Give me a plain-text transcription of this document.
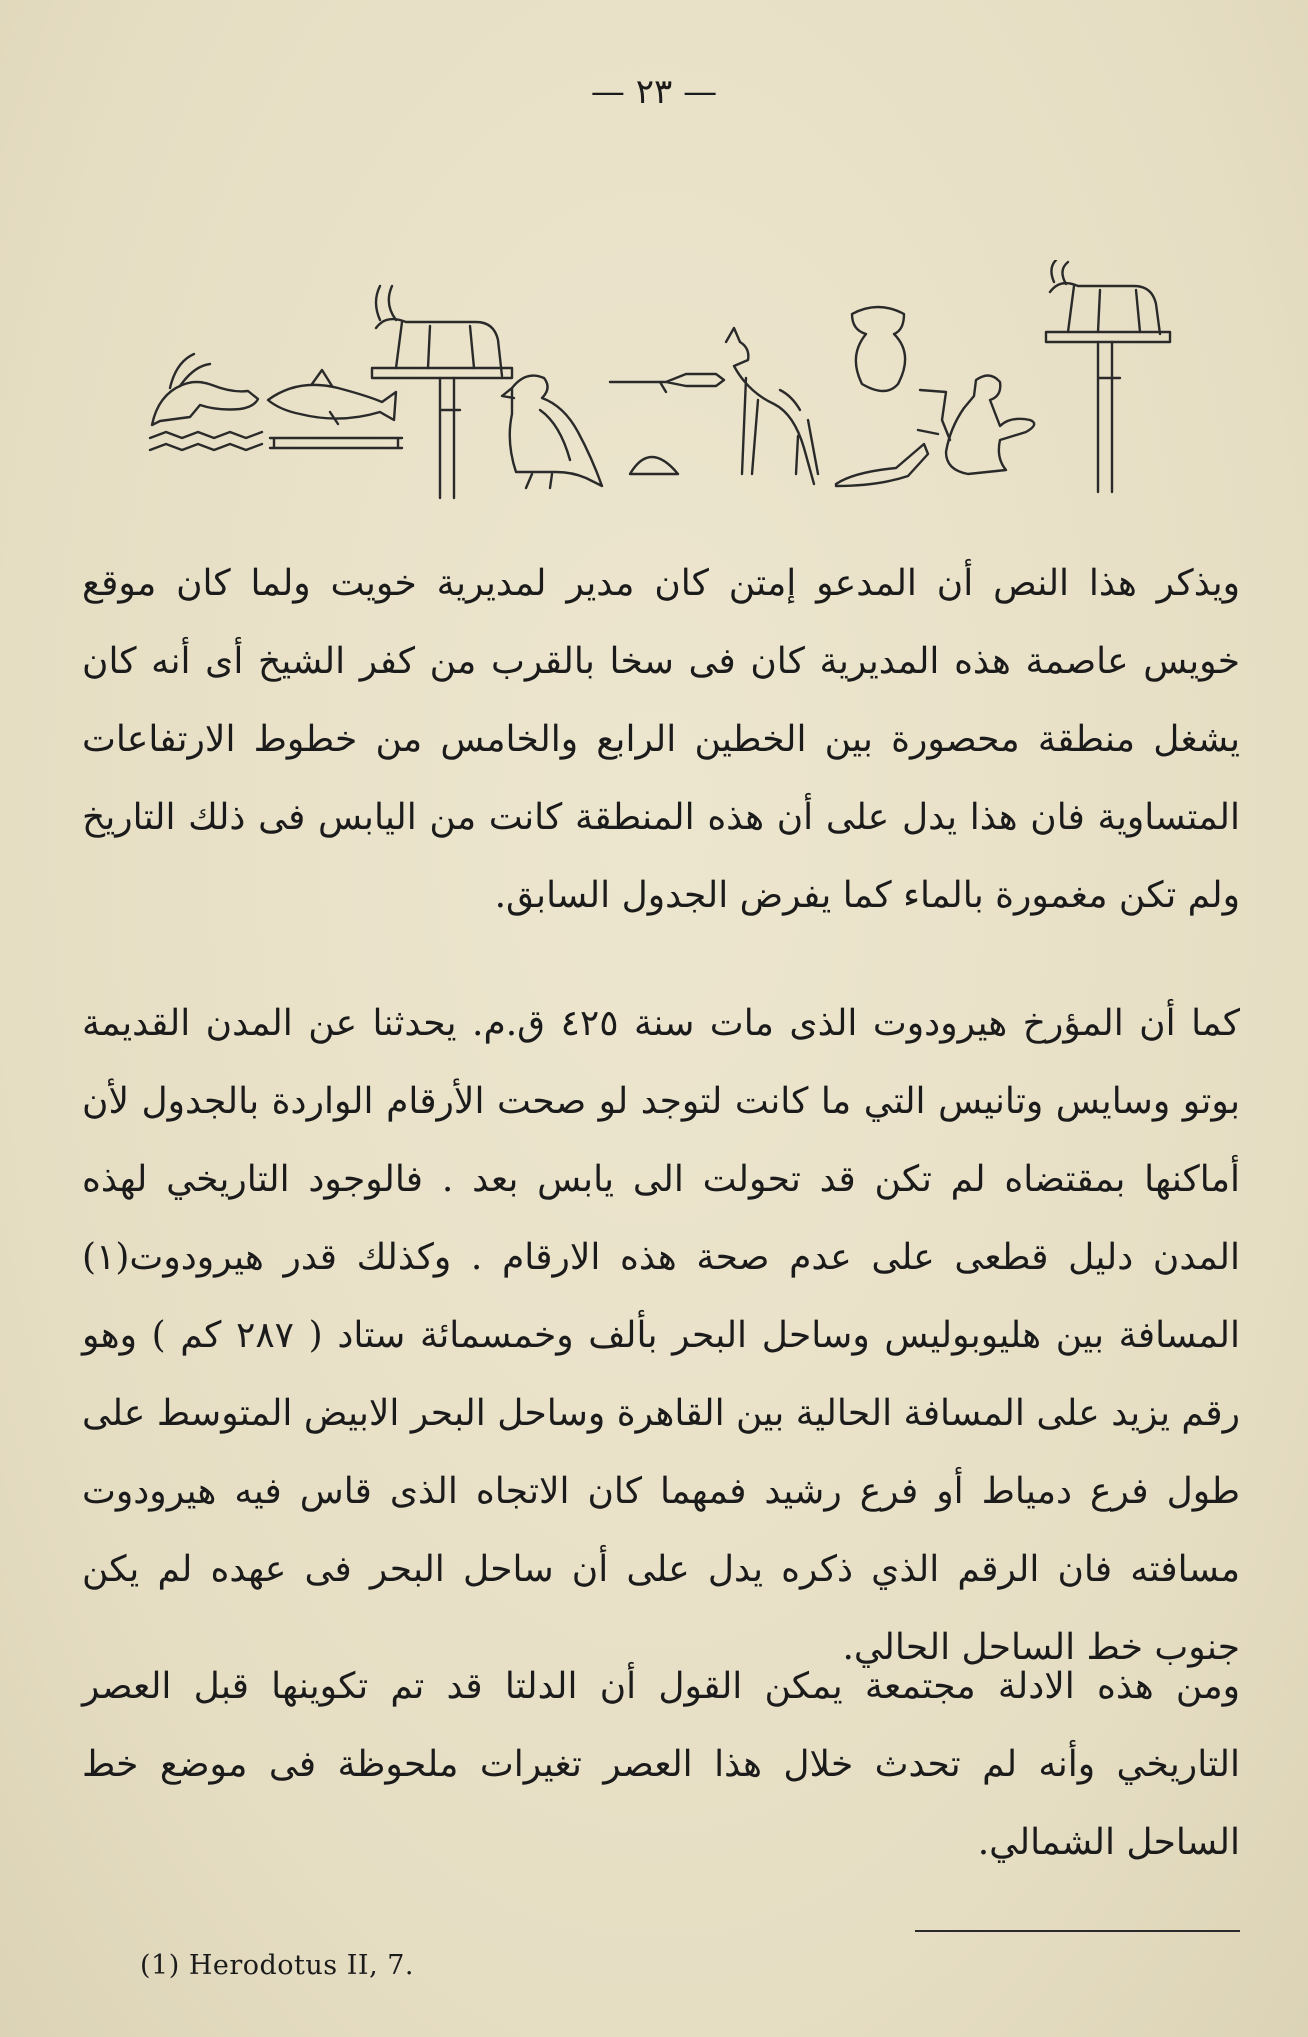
— ٢٣ —

ويذكر هذا النص أن المدعو إمتن كان مدير لمديرية خويت ولما كان موقع خويس عاصمة هذه المديرية كان فى سخا بالقرب من كفر الشيخ أى أنه كان يشغل منطقة محصورة بين الخطين الرابع والخامس من خطوط الارتفاعات المتساوية فان هذا يدل على أن هذه المنطقة كانت من اليابس فى ذلك التاريخ ولم تكن مغمورة بالماء كما يفرض الجدول السابق.

كما أن المؤرخ هيرودوت الذى مات سنة ٤٢٥ ق.م. يحدثنا عن المدن القديمة بوتو وسايس وتانيس التي ما كانت لتوجد لو صحت الأرقام الواردة بالجدول لأن أماكنها بمقتضاه لم تكن قد تحولت الى يابس بعد . فالوجود التاريخي لهذه المدن دليل قطعى على عدم صحة هذه الارقام . وكذلك قدر هيرودوت(١) المسافة بين هليوبوليس وساحل البحر بألف وخمسمائة ستاد ( ٢٨٧ كم ) وهو رقم يزيد على المسافة الحالية بين القاهرة وساحل البحر الابيض المتوسط على طول فرع دمياط أو فرع رشيد فمهما كان الاتجاه الذى قاس فيه هيرودوت مسافته فان الرقم الذي ذكره يدل على أن ساحل البحر فى عهده لم يكن جنوب خط الساحل الحالي.

ومن هذه الادلة مجتمعة يمكن القول أن الدلتا قد تم تكوينها قبل العصر التاريخي وأنه لم تحدث خلال هذا العصر تغيرات ملحوظة فى موضع خط الساحل الشمالي.

(1) Herodotus II, 7.
